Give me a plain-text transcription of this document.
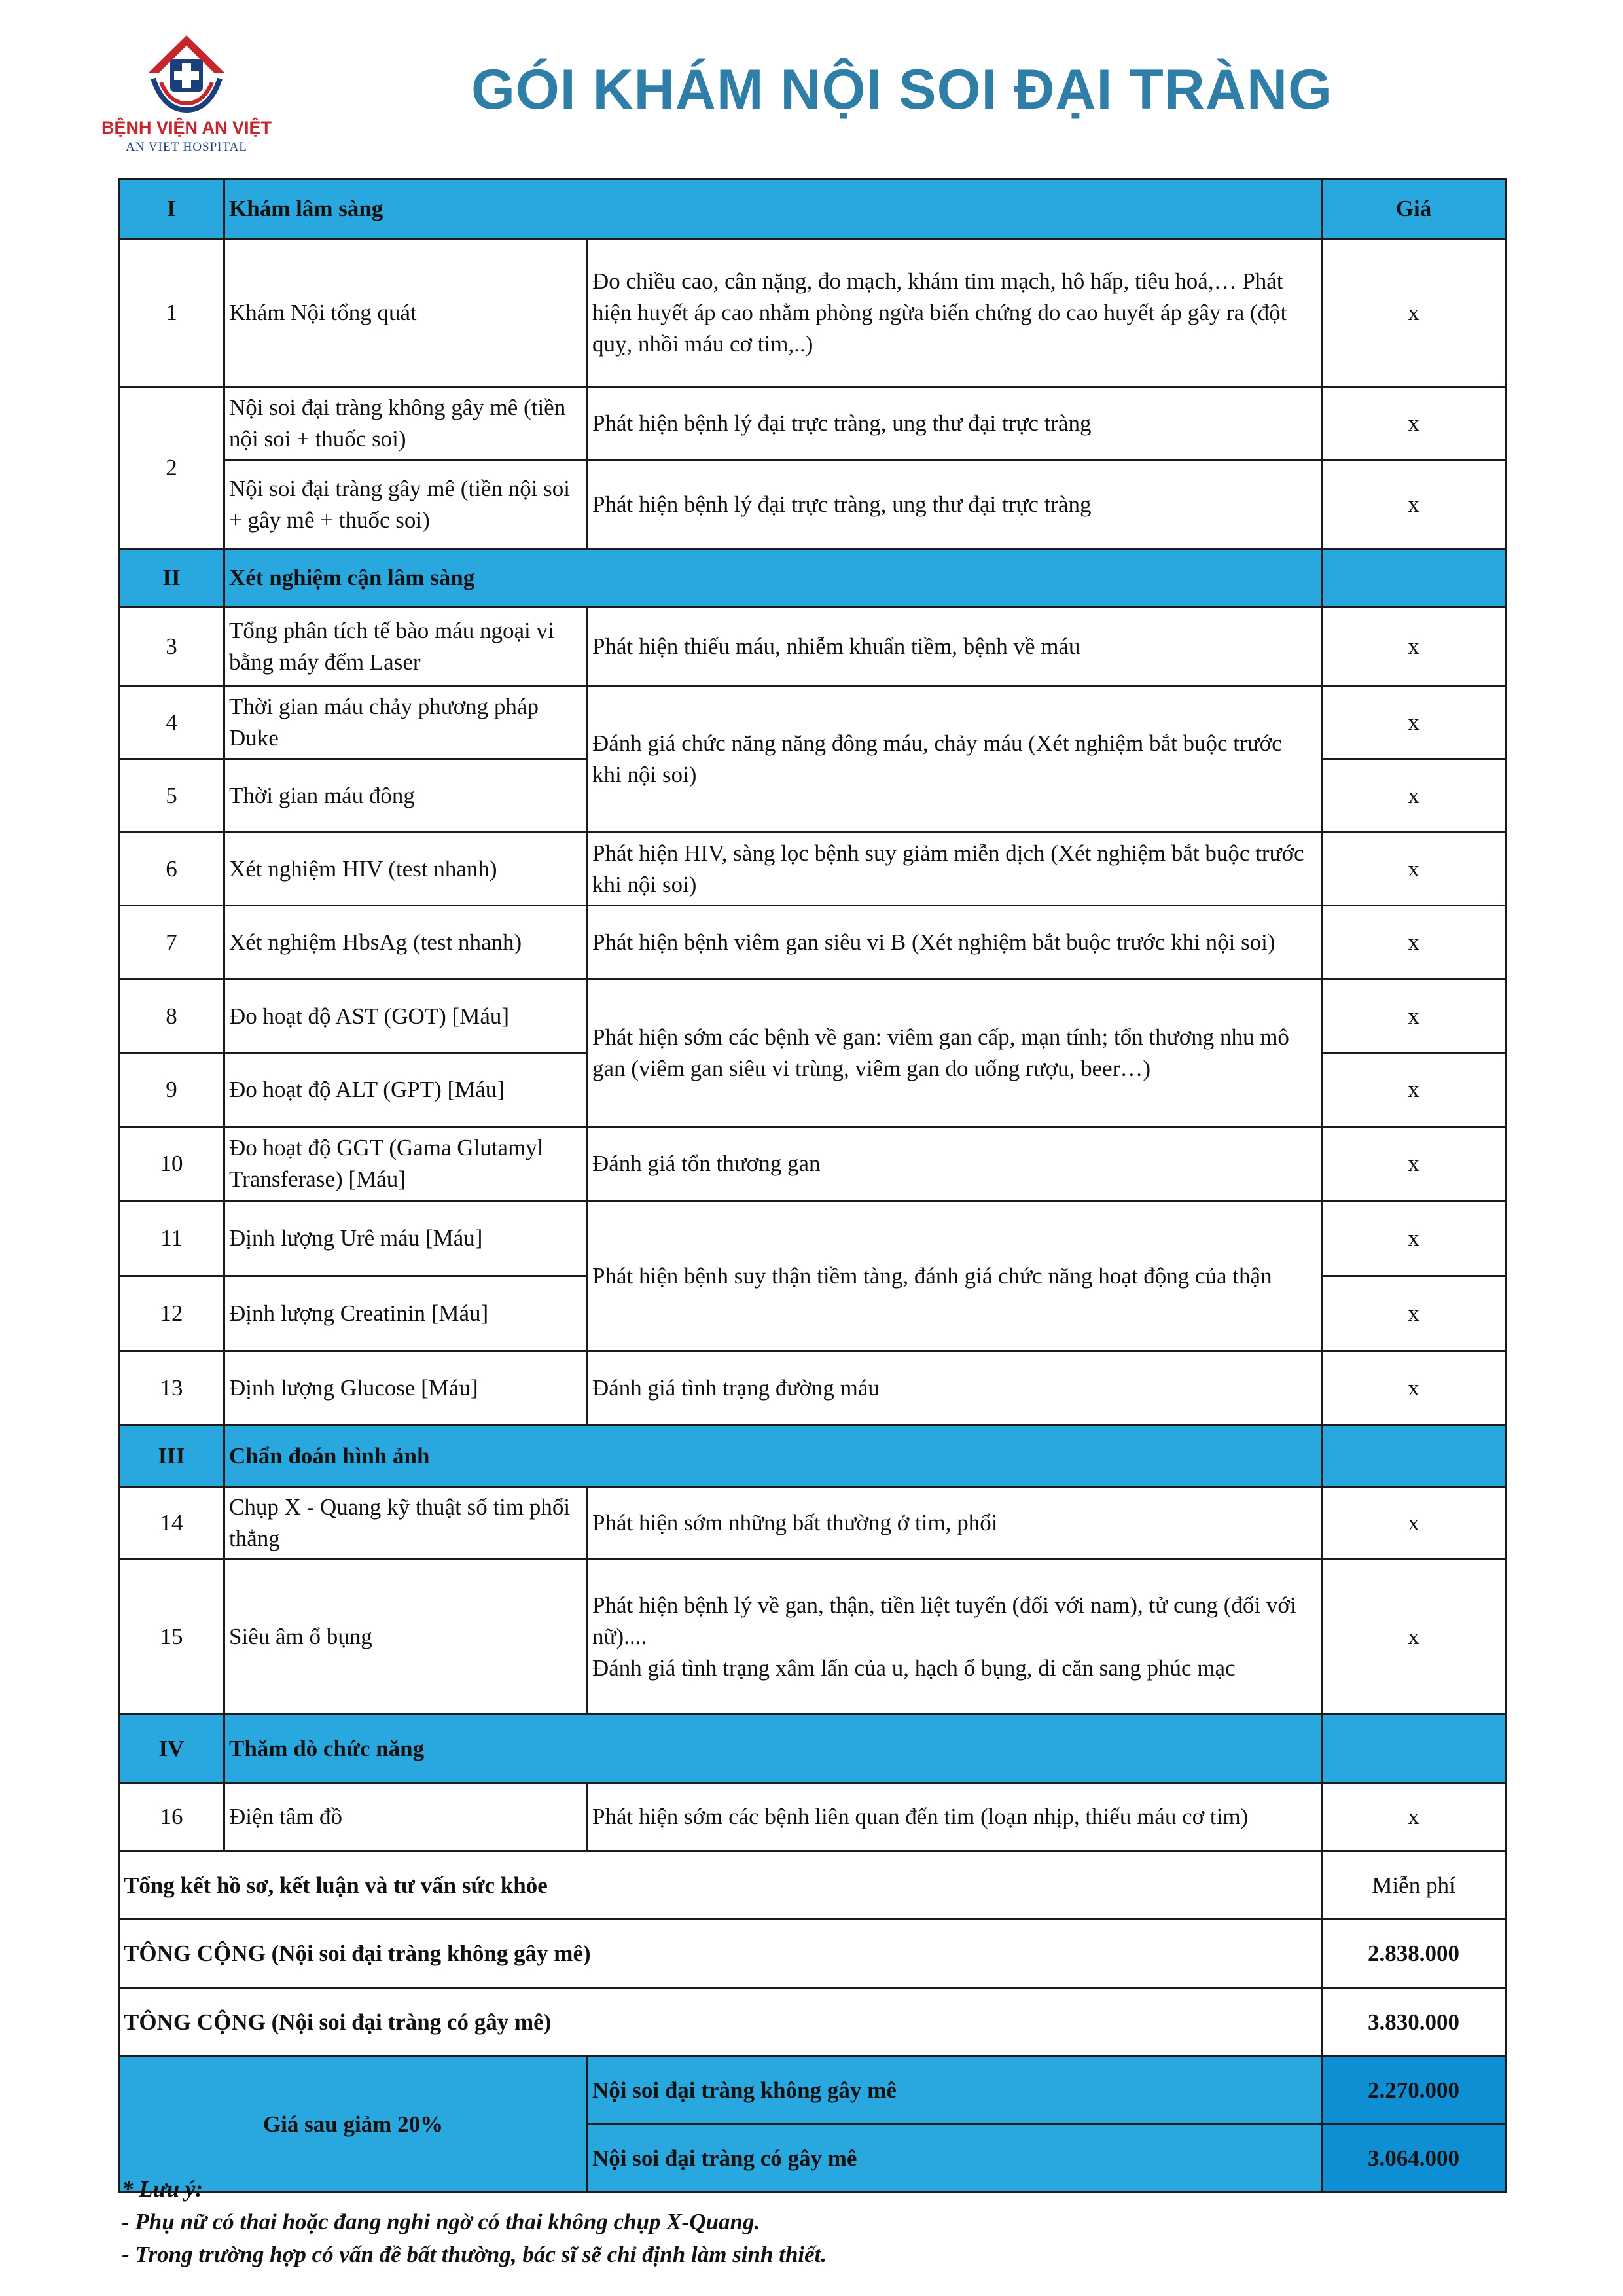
BỆNH VIỆN AN VIỆT
AN VIET HOSPITAL
GÓI KHÁM NỘI SOI ĐẠI TRÀNG
I	Khám lâm sàng		Giá
1	Khám Nội tổng quát	Đo chiều cao, cân nặng, đo mạch, khám tim mạch, hô hấp, tiêu hoá,… Phát hiện huyết áp cao nhằm phòng ngừa biến chứng do cao huyết áp gây ra (đột quỵ, nhồi máu cơ tim,..)	x
2	Nội soi đại tràng không gây mê (tiền nội soi + thuốc soi)	Phát hiện bệnh lý đại trực tràng, ung thư đại trực tràng	x
	Nội soi đại tràng gây mê (tiền nội soi + gây mê + thuốc soi)	Phát hiện bệnh lý đại trực tràng, ung thư đại trực tràng	x
II	Xét nghiệm cận lâm sàng		
3	Tổng phân tích tế bào máu ngoại vi bằng máy đếm Laser	Phát hiện thiếu máu, nhiễm khuẩn tiềm, bệnh về máu	x
4	Thời gian máu chảy phương pháp Duke	Đánh giá chức năng năng đông máu, chảy máu (Xét nghiệm bắt buộc trước khi nội soi)	x
5	Thời gian máu đông		x
6	Xét nghiệm HIV (test nhanh)	Phát hiện HIV, sàng lọc bệnh suy giảm miễn dịch (Xét nghiệm bắt buộc trước khi nội soi)	x
7	Xét nghiệm HbsAg (test nhanh)	Phát hiện bệnh viêm gan siêu vi B (Xét nghiệm bắt buộc trước khi nội soi)	x
8	Đo hoạt độ AST (GOT) [Máu]	Phát hiện sớm các bệnh về gan: viêm gan cấp, mạn tính; tổn thương nhu mô gan (viêm gan siêu vi trùng, viêm gan do uống rượu, beer…)	x
9	Đo hoạt độ ALT (GPT) [Máu]		x
10	Đo hoạt độ GGT (Gama Glutamyl Transferase) [Máu]	Đánh giá tổn thương gan	x
11	Định lượng Urê máu [Máu]	Phát hiện bệnh suy thận tiềm tàng, đánh giá chức năng hoạt động của thận	x
12	Định lượng Creatinin [Máu]		x
13	Định lượng Glucose [Máu]	Đánh giá tình trạng đường máu	x
III	Chẩn đoán hình ảnh		
14	Chụp X - Quang kỹ thuật số tim phổi thẳng	Phát hiện sớm những bất thường ở tim, phổi	x
15	Siêu âm ổ bụng	Phát hiện bệnh lý về gan, thận, tiền liệt tuyến (đối với nam), tử cung (đối với nữ)....
Đánh giá tình trạng xâm lấn của u, hạch ổ bụng, di căn sang phúc mạc	x
IV	Thăm dò chức năng		
16	Điện tâm đồ	Phát hiện sớm các bệnh liên quan đến tim (loạn nhịp, thiếu máu cơ tim)	x
Tổng kết hồ sơ, kết luận và tư vấn sức khỏe			Miễn phí
TÔNG CỘNG (Nội soi đại tràng không gây mê)			2.838.000
TÔNG CỘNG (Nội soi đại tràng có gây mê)			3.830.000
Giá sau giảm 20%		Nội soi đại tràng không gây mê	2.270.000
		Nội soi đại tràng có gây mê	3.064.000
* Lưu ý:
- Phụ nữ có thai hoặc đang nghi ngờ có thai không chụp X-Quang.
- Trong trường hợp có vấn đề bất thường, bác sĩ sẽ chỉ định làm sinh thiết.
